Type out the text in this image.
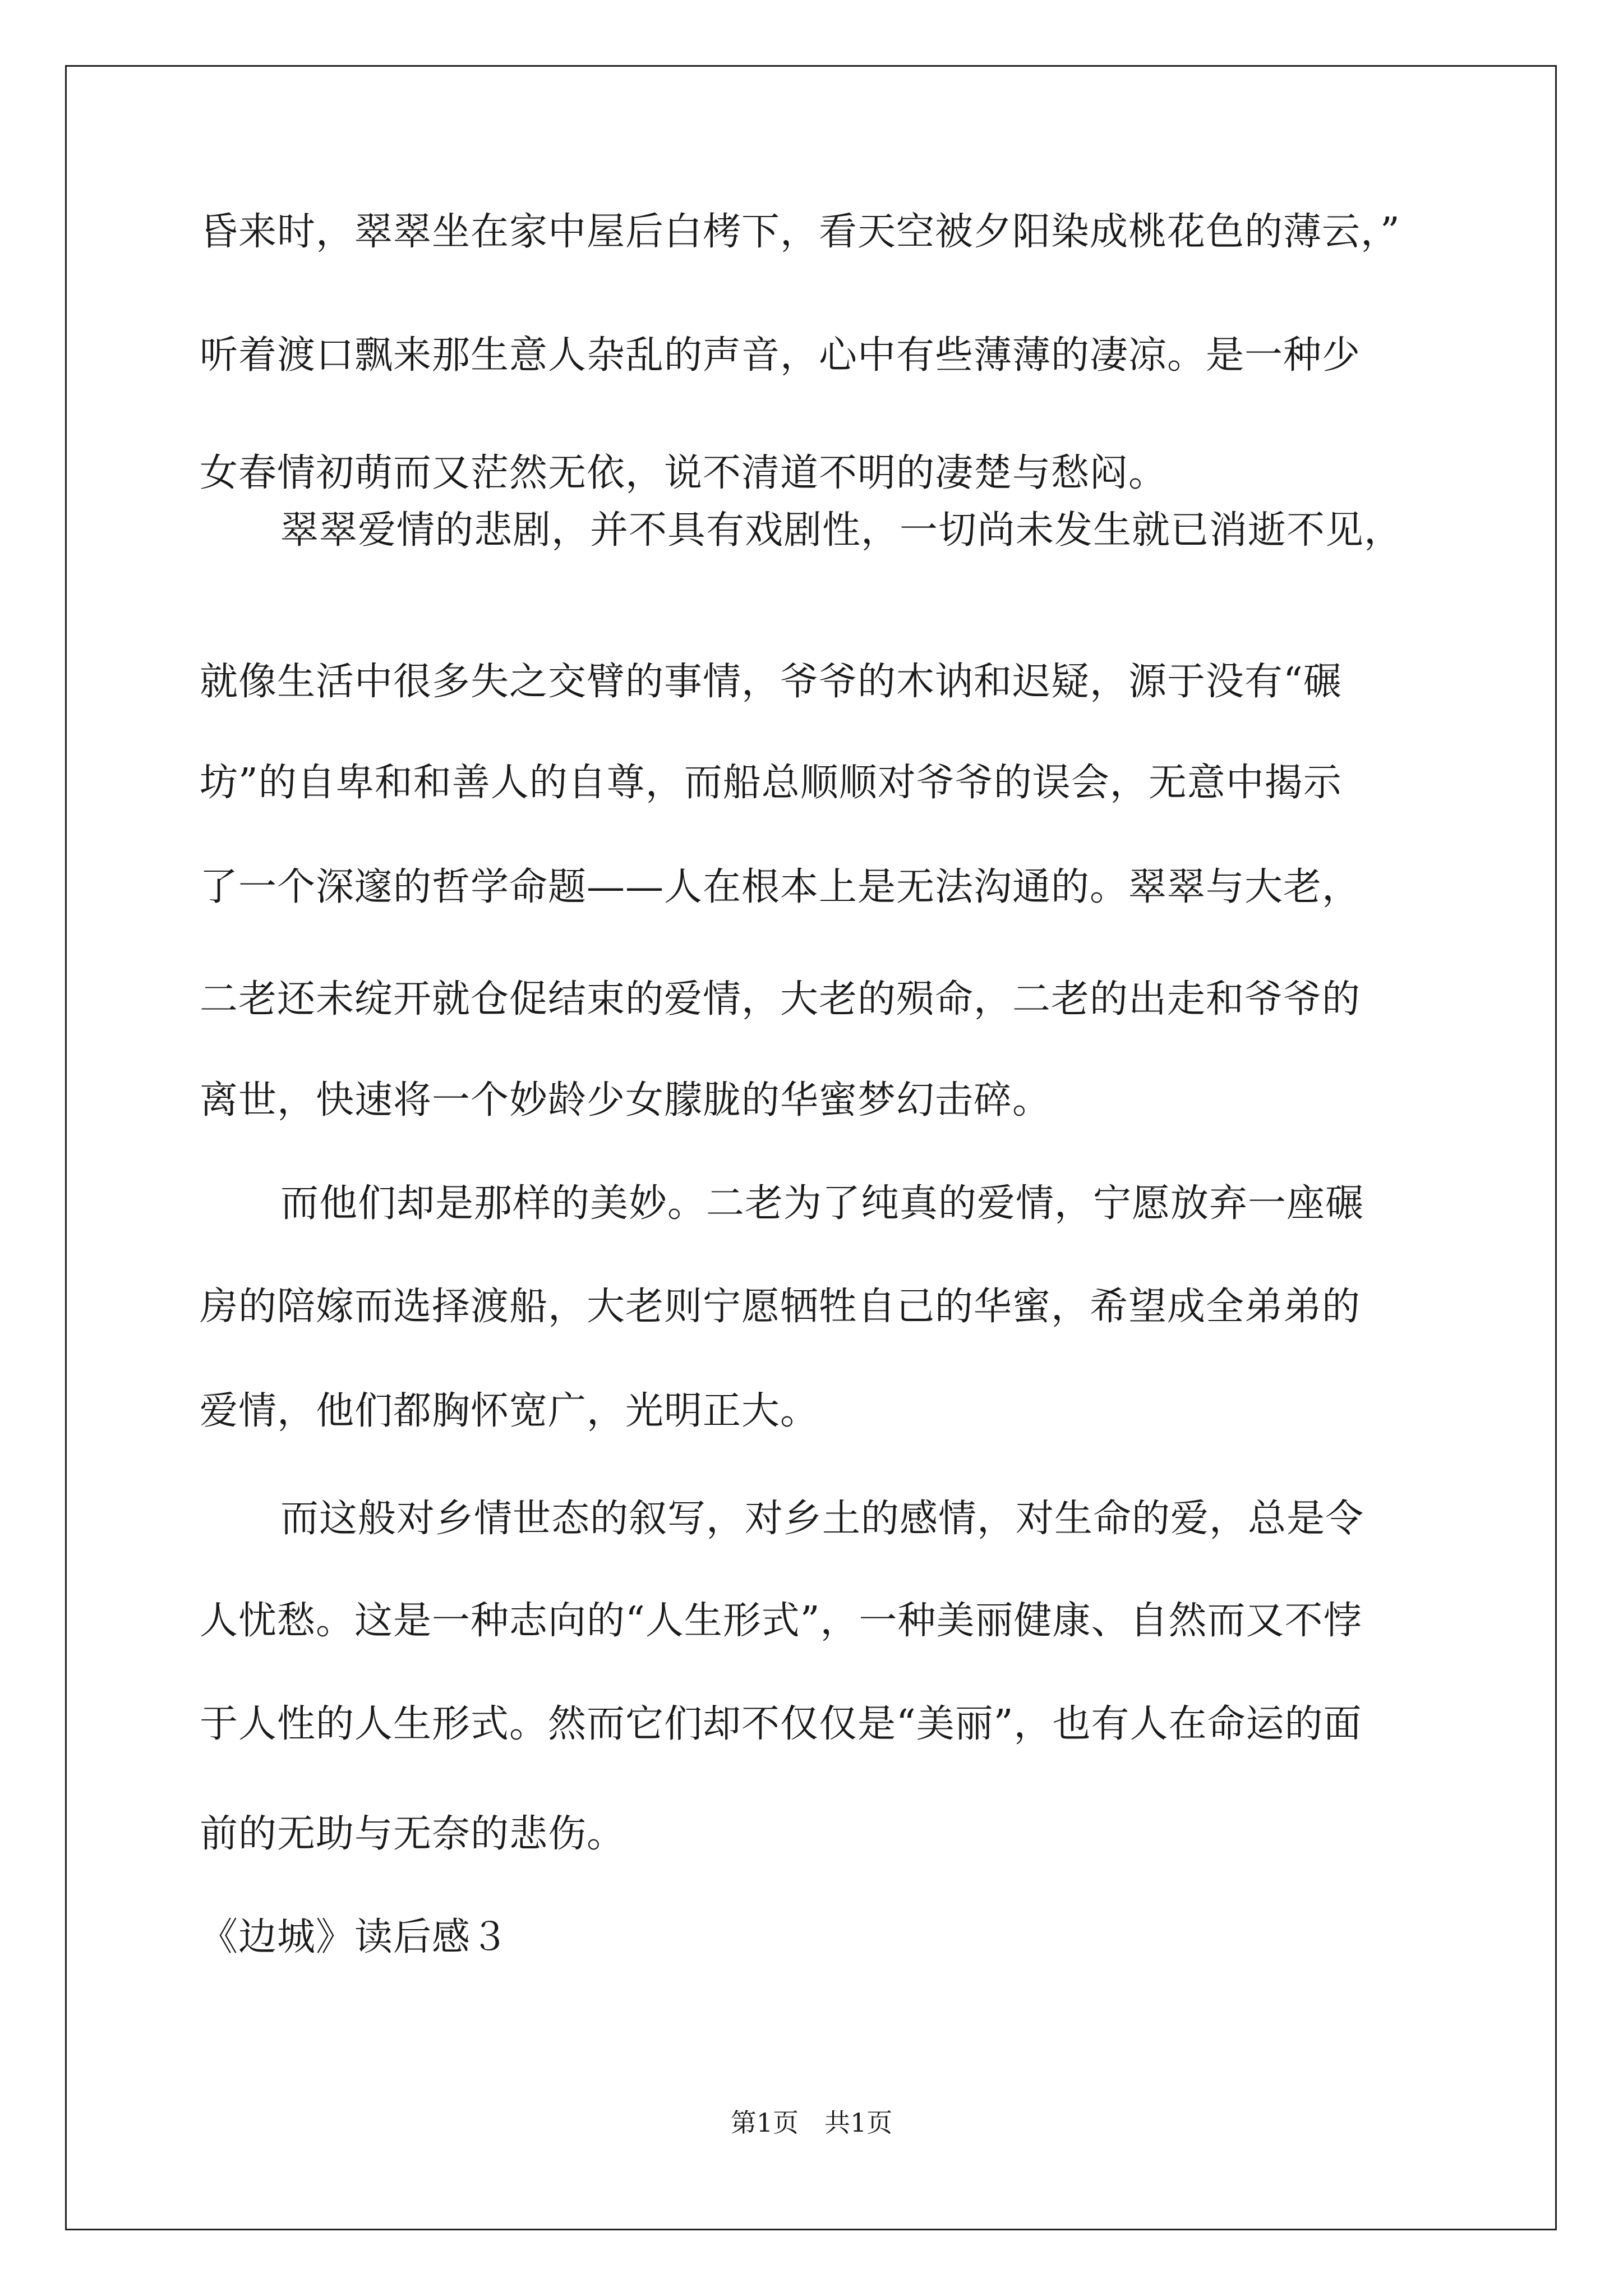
昏来时，翠翠坐在家中屋后白栲下，看天空被夕阳染成桃花色的薄云，”
听着渡口飘来那生意人杂乱的声音，心中有些薄薄的凄凉。是一种少
女春情初萌而又茫然无依，说不清道不明的凄楚与愁闷。
翠翠爱情的悲剧，并不具有戏剧性，一切尚未发生就已消逝不见，
就像生活中很多失之交臂的事情，爷爷的木讷和迟疑，源于没有“碾
坊”的自卑和和善人的自尊，而船总顺顺对爷爷的误会，无意中揭示
了一个深邃的哲学命题——人在根本上是无法沟通的。翠翠与大老，
二老还未绽开就仓促结束的爱情，大老的殒命，二老的出走和爷爷的
离世，快速将一个妙龄少女朦胧的华蜜梦幻击碎。
而他们却是那样的美妙。二老为了纯真的爱情，宁愿放弃一座碾
房的陪嫁而选择渡船，大老则宁愿牺牲自己的华蜜，希望成全弟弟的
爱情，他们都胸怀宽广，光明正大。
而这般对乡情世态的叙写，对乡土的感情，对生命的爱，总是令
人忧愁。这是一种志向的“人生形式”，一种美丽健康、自然而又不悖
于人性的人生形式。然而它们却不仅仅是“美丽”，也有人在命运的面
前的无助与无奈的悲伤。
《边城》读后感３
第1页 共1页
